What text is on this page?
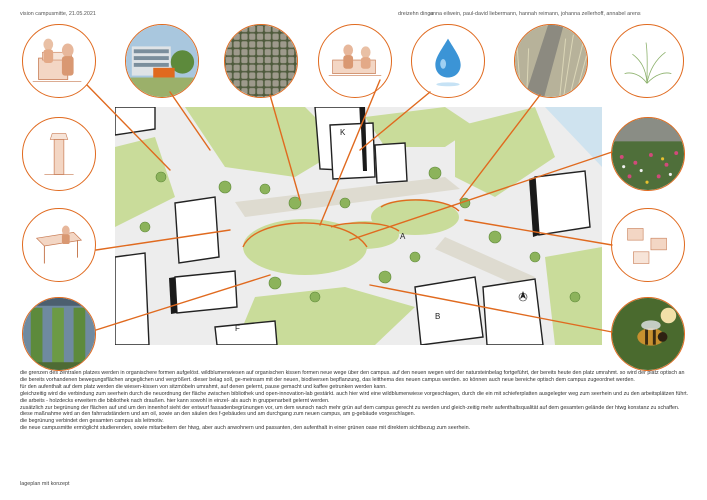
vision campusmitte, 21.05.2021	dreizehn dinge
anna eilwein, paul-david liebermann, hannah reimann, johanna zellerhoff, annabel arens
K
A
B
F

die grenzen des zentralen platzes werden in organischere formen aufgelöst. wildblumenwiesen auf organischen kissen formen neue wege über den campus. auf den neuen wegen wird der natursteinbelag fortgeführt, der bereits heute den platz umrahmt. so wird der platz optisch an die bereits vorhandenen bewegungsflächen angeglichen und vergrößert. dieser belag soll, ge-meinsam mit der neuen, biodiversen bepflanzung, das leitthema des neuen campus werden. so können auch neue bereiche optisch dem campus zugeordnet werden.

für den aufenthalt auf dem platz werden die wiesen-kissen von sitzmöbeln umrahmt, auf denen gelernt, pause gemacht und kaffee getrunken werden kann.

gleichzeitig wird die verbindung zum seerhein durch die neuordnung der fläche zwischen bibliothek und open-innovation-lab gestärkt. auch hier wird eine wildblumenwiese vorgeschlagen, durch die ein mit schieferplatten ausgelegter weg zum seerhein und zu den arbeitsplätzen führt. die arbeits - holzdecks erweitern die bibliothek nach draußen. hier kann sowohl in einzel- als auch in gruppenarbeit gelernt werden.

zusätzlich zur begrünung der flächen auf und um den innenhof sieht der entwurf fassadenbegrünungen vor, um dem wunsch nach mehr grün auf dem campus gerecht zu werden und gleich-zeitig mehr aufenthaltsqualität auf dem gesamten gelände der htwg konstanz zu schaffen. diese maßnahme wird an den fahrradständern und am oil, sowie an den säulen des f-gebäudes und am durchgang zum neuen campus, am g-gebäude vorgeschlagen.

die begrünung verbindet den gesamten campus als leitmotiv.

die neue campusmitte ermöglicht studierenden, sowie mitarbeitern der htwg, aber auch anwohnern und passanten, den aufenthalt in einer grünen oase mit direktem sichtbezug zum seerhein.

lageplan mit konzept
